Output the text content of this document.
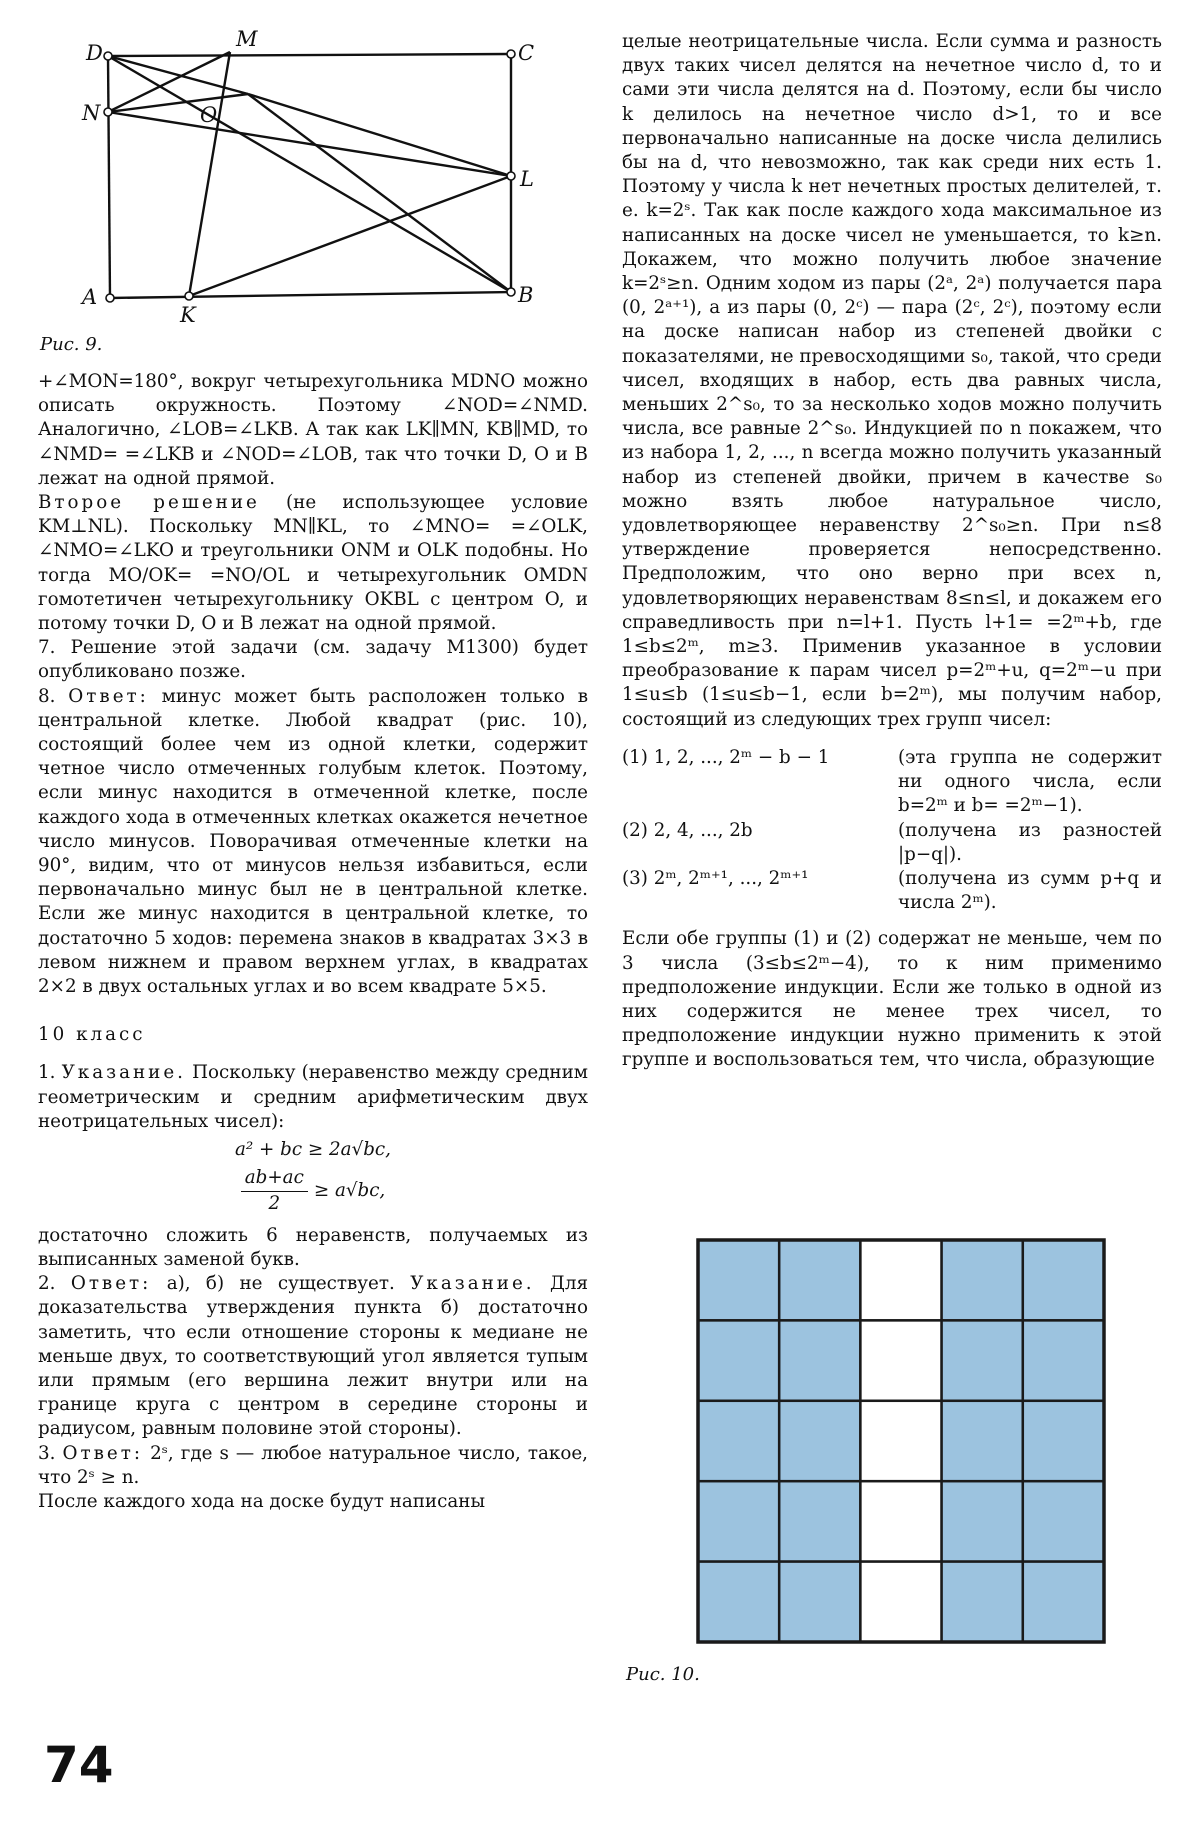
D
M
C
N	O
L
A
K
B
Рис. 9.

+∠MON=180°, вокруг четырехугольника MDNO можно описать окружность. Поэтому ∠NOD=∠NMD. Аналогично, ∠LOB=∠LKB. А так как LK∥MN, KB∥MD, то ∠NMD= =∠LKB и ∠NOD=∠LOB, так что точки D, O и B лежат на одной прямой.

Второе решение (не использующее условие KM⊥NL). Поскольку MN∥KL, то ∠MNO= =∠OLK, ∠NMO=∠LKO и треугольники ONM и OLK подобны. Но тогда MO/OK= =NO/OL и четырехугольник OMDN гомотетичен четырехугольнику OKBL с центром O, и потому точки D, O и B лежат на одной прямой.

7. Решение этой задачи (см. задачу М1300) будет опубликовано позже.

8. Ответ: минус может быть расположен только в центральной клетке. Любой квадрат (рис. 10), состоящий более чем из одной клетки, содержит четное число отмеченных голубым клеток. Поэтому, если минус находится в отмеченной клетке, после каждого хода в отмеченных клетках окажется нечетное число минусов. Поворачивая отмеченные клетки на 90°, видим, что от минусов нельзя избавиться, если первоначально минус был не в центральной клетке. Если же минус находится в центральной клетке, то достаточно 5 ходов: перемена знаков в квадратах 3×3 в левом нижнем и правом верхнем углах, в квадратах 2×2 в двух остальных углах и во всем квадрате 5×5.

10 класс

1. Указание. Поскольку (неравенство между средним геометрическим и средним арифметическим двух неотрицательных чисел):

a² + bc ≥ 2a√bc,

$\frac{ab+ac}{2} \ge a√bc$,

достаточно сложить 6 неравенств, получаемых из выписанных заменой букв.

2. Ответ: а), б) не существует. Указание. Для доказательства утверждения пункта б) достаточно заметить, что если отношение стороны к медиане не меньше двух, то соответствующий угол является тупым или прямым (его вершина лежит внутри или на границе круга с центром в середине стороны и радиусом, равным половине этой стороны).

3. Ответ: 2ˢ, где s — любое натуральное число, такое, что 2ˢ ≥ n.

После каждого хода на доске будут написаны

целые неотрицательные числа. Если сумма и разность двух таких чисел делятся на нечетное число d, то и сами эти числа делятся на d. Поэтому, если бы число k делилось на нечетное число d>1, то и все первоначально написанные на доске числа делились бы на d, что невозможно, так как среди них есть 1. Поэтому у числа k нет нечетных простых делителей, т. е. k=2ˢ. Так как после каждого хода максимальное из написанных на доске чисел не уменьшается, то k≥n. Докажем, что можно получить любое значение k=2ˢ≥n. Одним ходом из пары (2ᵃ, 2ᵃ) получается пара (0, 2ᵃ⁺¹), а из пары (0, 2ᶜ) — пара (2ᶜ, 2ᶜ), поэтому если на доске написан набор из степеней двойки с показателями, не превосходящими s₀, такой, что среди чисел, входящих в набор, есть два равных числа, меньших 2^s₀, то за несколько ходов можно получить числа, все равные 2^s₀. Индукцией по n покажем, что из набора 1, 2, ..., n всегда можно получить указанный набор из степеней двойки, причем в качестве s₀ можно взять любое натуральное число, удовлетворяющее неравенству 2^s₀≥n. При n≤8 утверждение проверяется непосредственно. Предположим, что оно верно при всех n, удовлетворяющих неравенствам 8≤n≤l, и докажем его справедливость при n=l+1. Пусть l+1= =2ᵐ+b, где 1≤b≤2ᵐ, m≥3. Применив указанное в условии преобразование к парам чисел p=2ᵐ+u, q=2ᵐ−u при 1≤u≤b (1≤u≤b−1, если b=2ᵐ), мы получим набор, состоящий из следующих трех групп чисел:

(1) 1, 2, ..., 2ᵐ − b − 1	(эта группа не содержит ни одного числа, если b=2ᵐ и b= =2ᵐ−1).
(2) 2, 4, ..., 2b	(получена из разностей |p−q|).
(3) 2ᵐ, 2ᵐ⁺¹, ..., 2ᵐ⁺¹	(получена из сумм p+q и числа 2ᵐ).

Если обе группы (1) и (2) содержат не меньше, чем по 3 числа (3≤b≤2ᵐ−4), то к ним применимо предположение индукции. Если же только в одной из них содержится не менее трех чисел, то предположение индукции нужно применить к этой группе и воспользоваться тем, что числа, образующие

Рис. 10.
74
